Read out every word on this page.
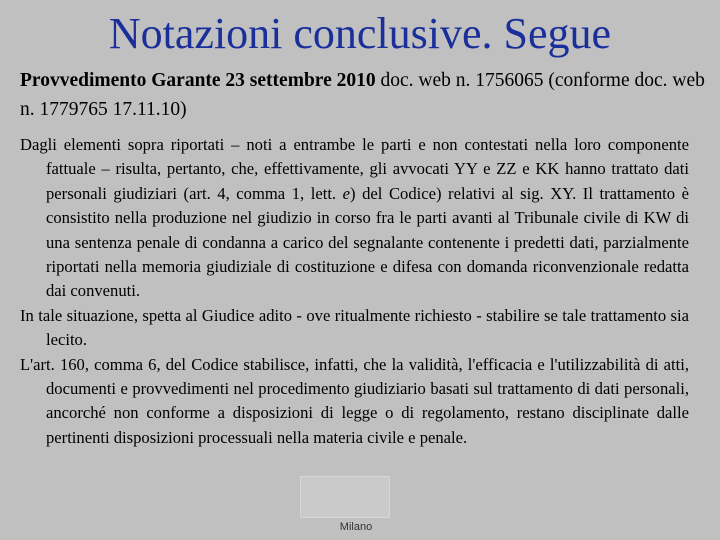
Notazioni conclusive. Segue

Provvedimento Garante 23 settembre 2010 doc. web n. 1756065 (conforme doc. web n. 1779765 17.11.10)

Milano

Dagli elementi sopra riportati – noti a entrambe le parti e non contestati nella loro componente fattuale – risulta, pertanto, che, effettivamente, gli avvocati YY e ZZ e KK hanno trattato dati personali giudiziari (art. 4, comma 1, lett. e) del Codice) relativi al sig. XY. Il trattamento è consistito nella produzione nel giudizio in corso fra le parti avanti al Tribunale civile di KW di una sentenza penale di condanna a carico del segnalante contenente i predetti dati, parzialmente riportati nella memoria giudiziale di costituzione e difesa con domanda riconvenzionale redatta dai convenuti.

In tale situazione, spetta al Giudice adito - ove ritualmente richiesto - stabilire se tale trattamento sia lecito.

L'art. 160, comma 6, del Codice stabilisce, infatti, che la validità, l'efficacia e l'utilizzabilità di atti, documenti e provvedimenti nel procedimento giudiziario basati sul trattamento di dati personali, ancorché non conforme a disposizioni di legge o di regolamento, restano disciplinate dalle pertinenti disposizioni processuali nella materia civile e penale.
